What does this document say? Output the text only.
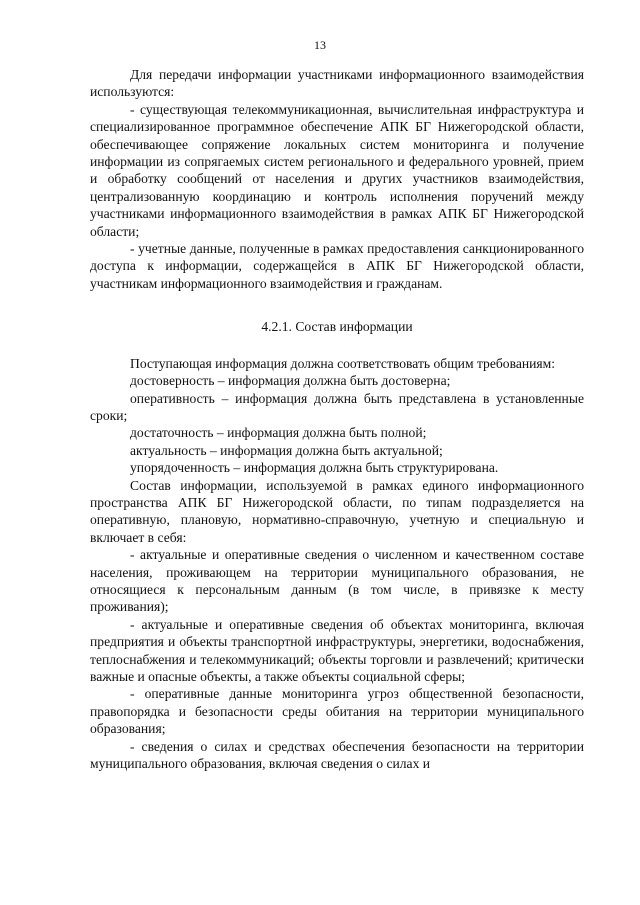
13

Для передачи информации участниками информационного взаимодействия используются:

- существующая телекоммуникационная, вычислительная инфраструктура и специализированное программное обеспечение АПК БГ Нижегородской области, обеспечивающее сопряжение локальных систем мониторинга и получение информации из сопрягаемых систем регионального и федерального уровней, прием и обработку сообщений от населения и других участников взаимодействия, централизованную координацию и контроль исполнения поручений между участниками информационного взаимодействия в рамках АПК БГ Нижегородской области;

- учетные данные, полученные в рамках предоставления санкционированного доступа к информации, содержащейся в АПК БГ Нижегородской области, участникам информационного взаимодействия и гражданам.

4.2.1. Состав информации

Поступающая информация должна соответствовать общим требованиям:

достоверность – информация должна быть достоверна;

оперативность – информация должна быть представлена в установленные сроки;

достаточность – информация должна быть полной;

актуальность – информация должна быть актуальной;

упорядоченность – информация должна быть структурирована.

Состав информации, используемой в рамках единого информационного пространства АПК БГ Нижегородской области, по типам подразделяется на оперативную, плановую, нормативно-справочную, учетную и специальную и включает в себя:

- актуальные и оперативные сведения о численном и качественном составе населения, проживающем на территории муниципального образования, не относящиеся к персональным данным (в том числе, в привязке к месту проживания);

- актуальные и оперативные сведения об объектах мониторинга, включая предприятия и объекты транспортной инфраструктуры, энергетики, водоснабжения, теплоснабжения и телекоммуникаций; объекты торговли и развлечений; критически важные и опасные объекты, а также объекты социальной сферы;

- оперативные данные мониторинга угроз общественной безопасности, правопорядка и безопасности среды обитания на территории муниципального образования;

- сведения о силах и средствах обеспечения безопасности на территории муниципального образования, включая сведения о силах и
